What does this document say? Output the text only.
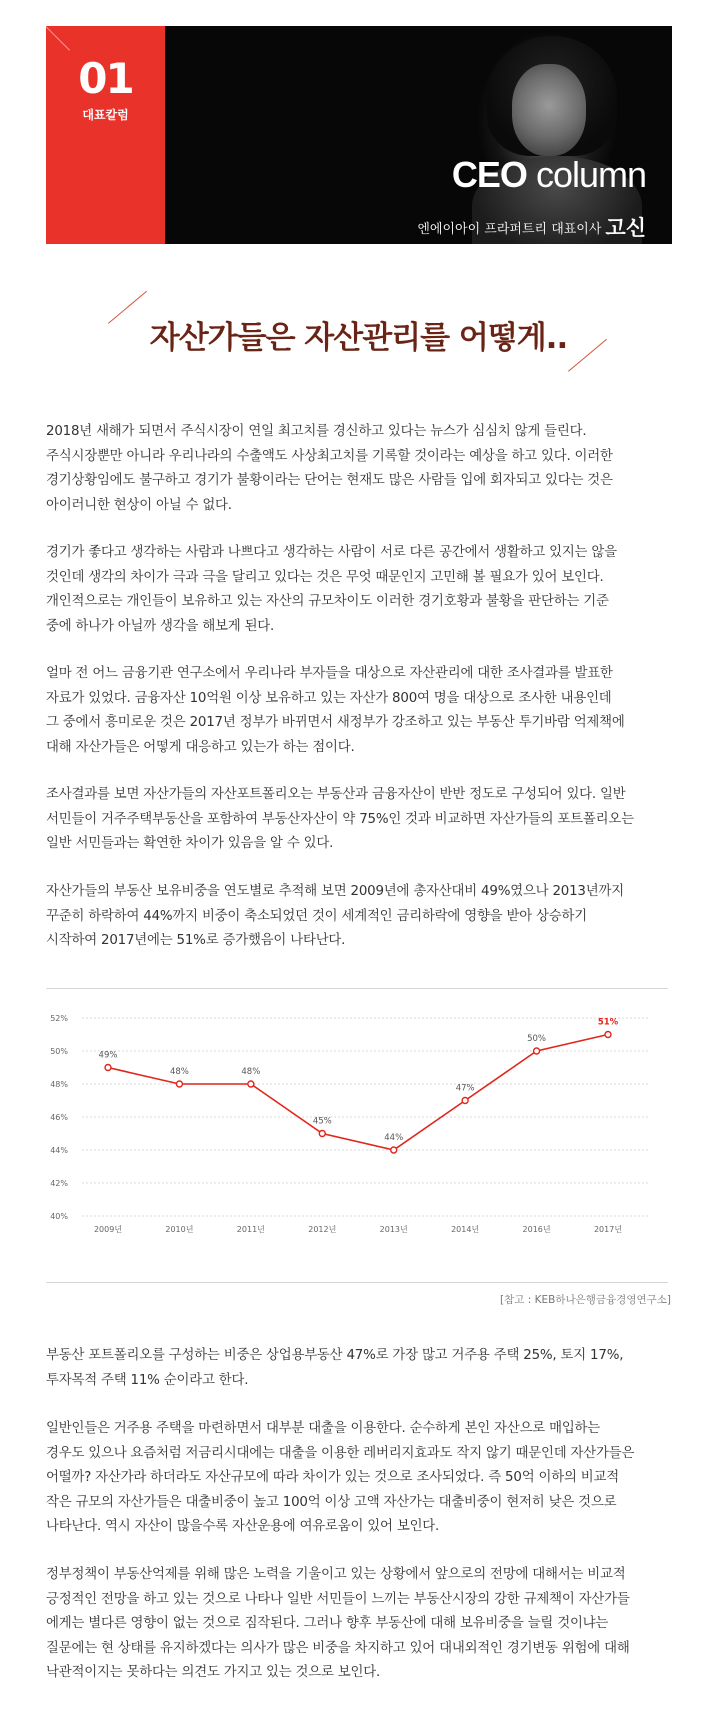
01
대표칼럼
CEO column
엔에이아이 프라퍼트리 대표이사 고신
자산가들은 자산관리를 어떻게..
2018년 새해가 되면서 주식시장이 연일 최고치를 경신하고 있다는 뉴스가 심심치 않게 들린다.
주식시장뿐만 아니라 우리나라의 수출액도 사상최고치를 기록할 것이라는 예상을 하고 있다. 이러한
경기상황임에도 불구하고 경기가 불황이라는 단어는 현재도 많은 사람들 입에 회자되고 있다는 것은
아이러니한 현상이 아닐 수 없다.
경기가 좋다고 생각하는 사람과 나쁘다고 생각하는 사람이 서로 다른 공간에서 생활하고 있지는 않을
것인데 생각의 차이가 극과 극을 달리고 있다는 것은 무엇 때문인지 고민해 볼 필요가 있어 보인다.
개인적으로는 개인들이 보유하고 있는 자산의 규모차이도 이러한 경기호황과 불황을 판단하는 기준
중에 하나가 아닐까 생각을 해보게 된다.
얼마 전 어느 금융기관 연구소에서 우리나라 부자들을 대상으로 자산관리에 대한 조사결과를 발표한
자료가 있었다. 금융자산 10억원 이상 보유하고 있는 자산가 800여 명을 대상으로 조사한 내용인데
그 중에서 흥미로운 것은 2017년 정부가 바뀌면서 새정부가 강조하고 있는 부동산 투기바람 억제책에
대해 자산가들은 어떻게 대응하고 있는가 하는 점이다.
조사결과를 보면 자산가들의 자산포트폴리오는 부동산과 금융자산이 반반 정도로 구성되어 있다. 일반
서민들이 거주주택부동산을 포함하여 부동산자산이 약 75%인 것과 비교하면 자산가들의 포트폴리오는
일반 서민들과는 확연한 차이가 있음을 알 수 있다.
자산가들의 부동산 보유비중을 연도별로 추적해 보면 2009년에 총자산대비 49%였으나 2013년까지
꾸준히 하락하여 44%까지 비중이 축소되었던 것이 세계적인 금리하락에 영향을 받아 상승하기
시작하여 2017년에는 51%로 증가했음이 나타난다.
40%
42%
44%
46%
48%
50%
52%
2009년	2010년	2011년	2012년	2013년	2014년	2016년	2017년
49%
48%	48%
45%
44%
47%
50%
51%
[참고 : KEB하나은행금융경영연구소]
부동산 포트폴리오를 구성하는 비중은 상업용부동산 47%로 가장 많고 거주용 주택 25%, 토지 17%,
투자목적 주택 11% 순이라고 한다.
일반인들은 거주용 주택을 마련하면서 대부분 대출을 이용한다. 순수하게 본인 자산으로 매입하는
경우도 있으나 요즘처럼 저금리시대에는 대출을 이용한 레버리지효과도 작지 않기 때문인데 자산가들은
어떨까? 자산가라 하더라도 자산규모에 따라 차이가 있는 것으로 조사되었다. 즉 50억 이하의 비교적
작은 규모의 자산가들은 대출비중이 높고 100억 이상 고액 자산가는 대출비중이 현저히 낮은 것으로
나타난다. 역시 자산이 많을수록 자산운용에 여유로움이 있어 보인다.
정부정책이 부동산억제를 위해 많은 노력을 기울이고 있는 상황에서 앞으로의 전망에 대해서는 비교적
긍정적인 전망을 하고 있는 것으로 나타나 일반 서민들이 느끼는 부동산시장의 강한 규제책이 자산가들
에게는 별다른 영향이 없는 것으로 짐작된다. 그러나 향후 부동산에 대해 보유비중을 늘릴 것이냐는
질문에는 현 상태를 유지하겠다는 의사가 많은 비중을 차지하고 있어 대내외적인 경기변동 위험에 대해
낙관적이지는 못하다는 의견도 가지고 있는 것으로 보인다.
